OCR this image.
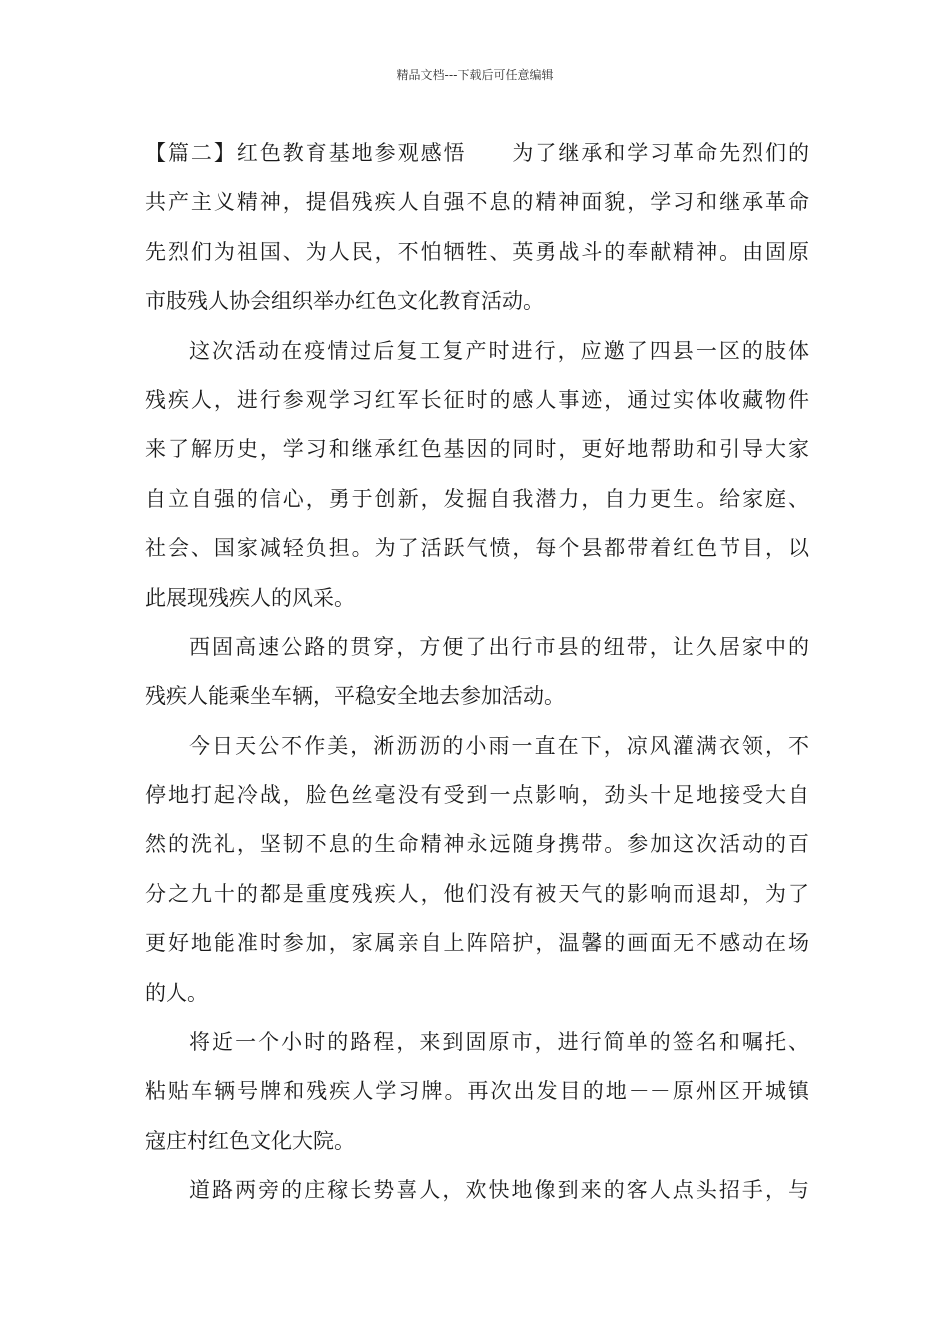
精品文档---下载后可任意编辑
【篇二】红色教育基地参观感悟　　为了继承和学习革命先烈们的
共产主义精神，提倡残疾人自强不息的精神面貌，学习和继承革命
先烈们为祖国、为人民，不怕牺牲、英勇战斗的奉献精神。由固原
市肢残人协会组织举办红色文化教育活动。
这次活动在疫情过后复工复产时进行，应邀了四县一区的肢体
残疾人，进行参观学习红军长征时的感人事迹，通过实体收藏物件
来了解历史，学习和继承红色基因的同时，更好地帮助和引导大家
自立自强的信心，勇于创新，发掘自我潜力，自力更生。给家庭、
社会、国家减轻负担。为了活跃气愤，每个县都带着红色节目，以
此展现残疾人的风采。
西固高速公路的贯穿，方便了出行市县的纽带，让久居家中的
残疾人能乘坐车辆，平稳安全地去参加活动。
今日天公不作美，淅沥沥的小雨一直在下，凉风灌满衣领，不
停地打起冷战，脸色丝毫没有受到一点影响，劲头十足地接受大自
然的洗礼，坚韧不息的生命精神永远随身携带。参加这次活动的百
分之九十的都是重度残疾人，他们没有被天气的影响而退却，为了
更好地能准时参加，家属亲自上阵陪护，温馨的画面无不感动在场
的人。
将近一个小时的路程，来到固原市，进行简单的签名和嘱托、
粘贴车辆号牌和残疾人学习牌。再次出发目的地－－原州区开城镇
寇庄村红色文化大院。
道路两旁的庄稼长势喜人，欢快地像到来的客人点头招手，与
